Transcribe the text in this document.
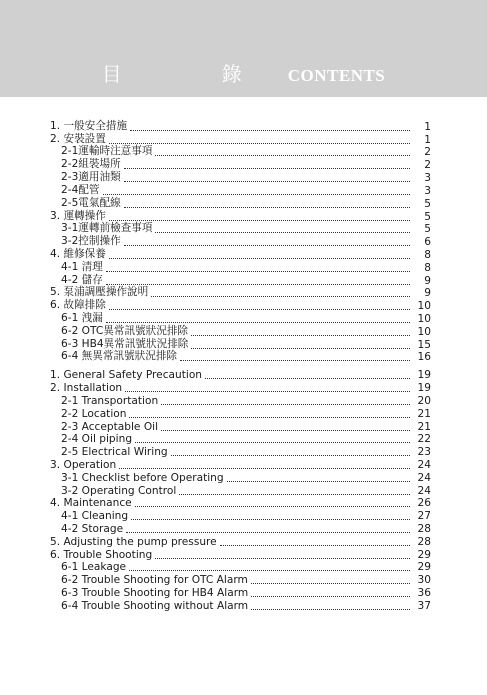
目　錄 CONTENTS
1. 一般安全措施	1
2. 安裝設置	1
2-1運輸時注意事項	2
2-2組裝場所	2
2-3適用油類	3
2-4配管	3
2-5電氣配線	5
3. 運轉操作	5
3-1運轉前檢查事項	5
3-2控制操作	6
4. 維修保養	8
4-1 清理	8
4-2 儲存	9
5. 泵浦調壓操作說明	9
6. 故障排除	10
6-1 洩漏	10
6-2 OTC異常訊號狀況排除	10
6-3 HB4異常訊號狀況排除	15
6-4 無異常訊號狀況排除	16
1. General Safety Precaution	19
2. Installation	19
2-1 Transportation	20
2-2 Location	21
2-3 Acceptable Oil	21
2-4 Oil piping	22
2-5 Electrical Wiring	23
3. Operation	24
3-1 Checklist before Operating	24
3-2 Operating Control	24
4. Maintenance	26
4-1 Cleaning	27
4-2 Storage	28
5. Adjusting the pump pressure	28
6. Trouble Shooting	29
6-1 Leakage	29
6-2 Trouble Shooting for OTC Alarm	30
6-3 Trouble Shooting for HB4 Alarm	36
6-4 Trouble Shooting without Alarm	37
